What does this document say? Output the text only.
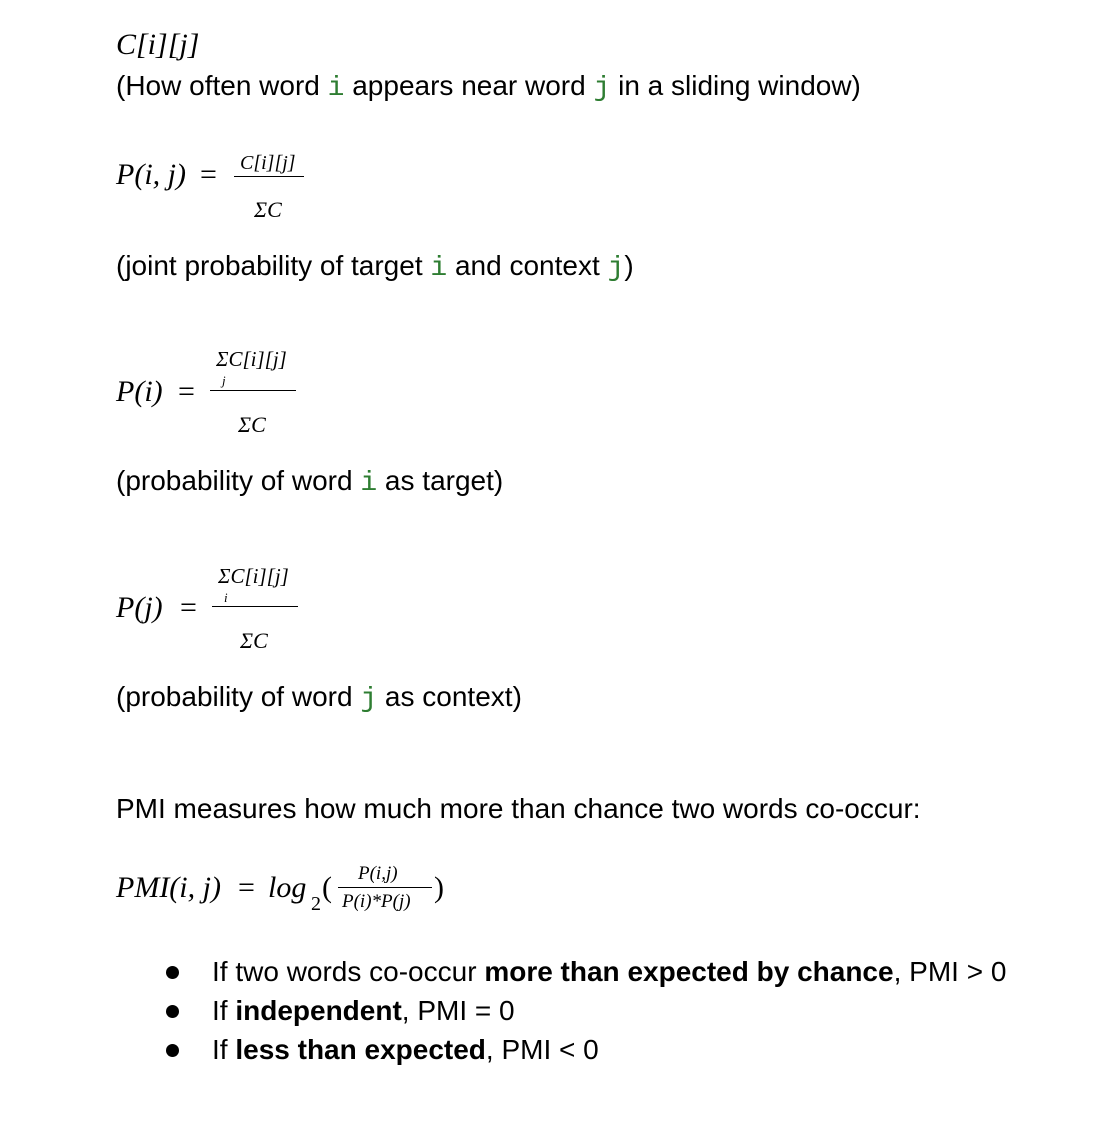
C[i][j]
(How often word i appears near word j in a sliding window)
P(i, j) = C[i][j]
ΣC
(joint probability of target i and context j)
P(i) =
ΣC[i][j]
j
ΣC
(probability of word i as target)
P(j) =
ΣC[i][j]
i
ΣC
(probability of word j as context)
PMI measures how much more than chance two words co-occur:
PMI(i, j) = log 2 ( P(i,j)
P(i)*P(j) )
If two words co-occur more than expected by chance, PMI > 0
If independent, PMI = 0
If less than expected, PMI < 0
